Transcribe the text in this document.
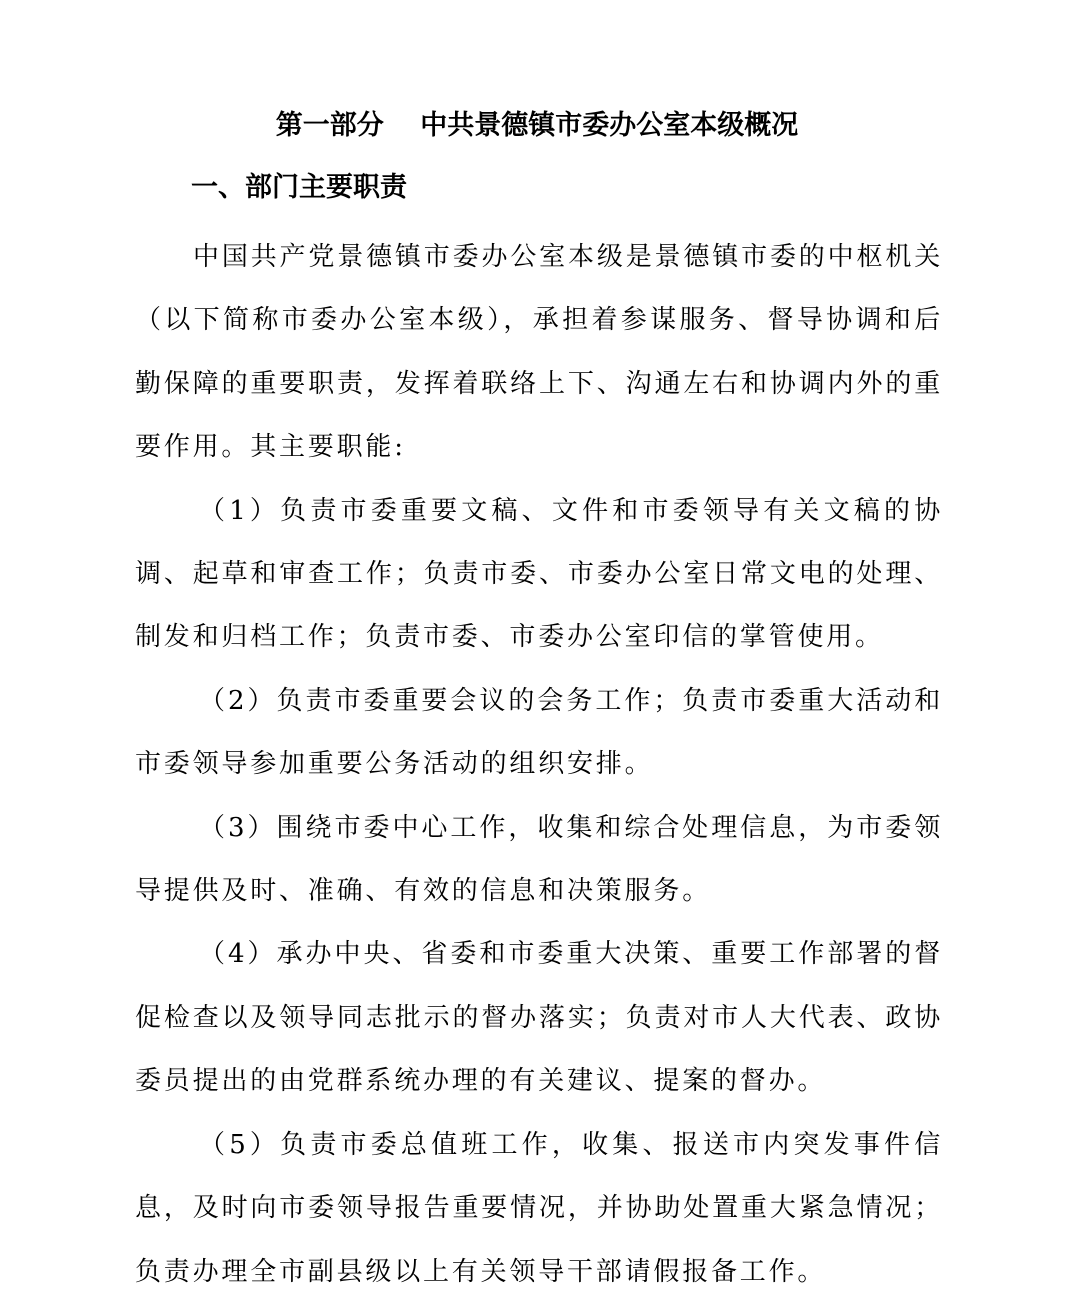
第一部分　 中共景德镇市委办公室本级概况
一、部门主要职责

中国共产党景德镇市委办公室本级是景德镇市委的中枢机关（以下简称市委办公室本级），承担着参谋服务、督导协调和后勤保障的重要职责，发挥着联络上下、沟通左右和协调内外的重要作用。其主要职能:

（1）负责市委重要文稿、文件和市委领导有关文稿的协调、起草和审查工作；负责市委、市委办公室日常文电的处理、制发和归档工作；负责市委、市委办公室印信的掌管使用。

（2）负责市委重要会议的会务工作；负责市委重大活动和市委领导参加重要公务活动的组织安排。

（3）围绕市委中心工作，收集和综合处理信息，为市委领导提供及时、准确、有效的信息和决策服务。

（4）承办中央、省委和市委重大决策、重要工作部署的督促检查以及领导同志批示的督办落实；负责对市人大代表、政协委员提出的由党群系统办理的有关建议、提案的督办。

（5）负责市委总值班工作，收集、报送市内突发事件信息，及时向市委领导报告重要情况，并协助处置重大紧急情况；负责办理全市副县级以上有关领导干部请假报备工作。
